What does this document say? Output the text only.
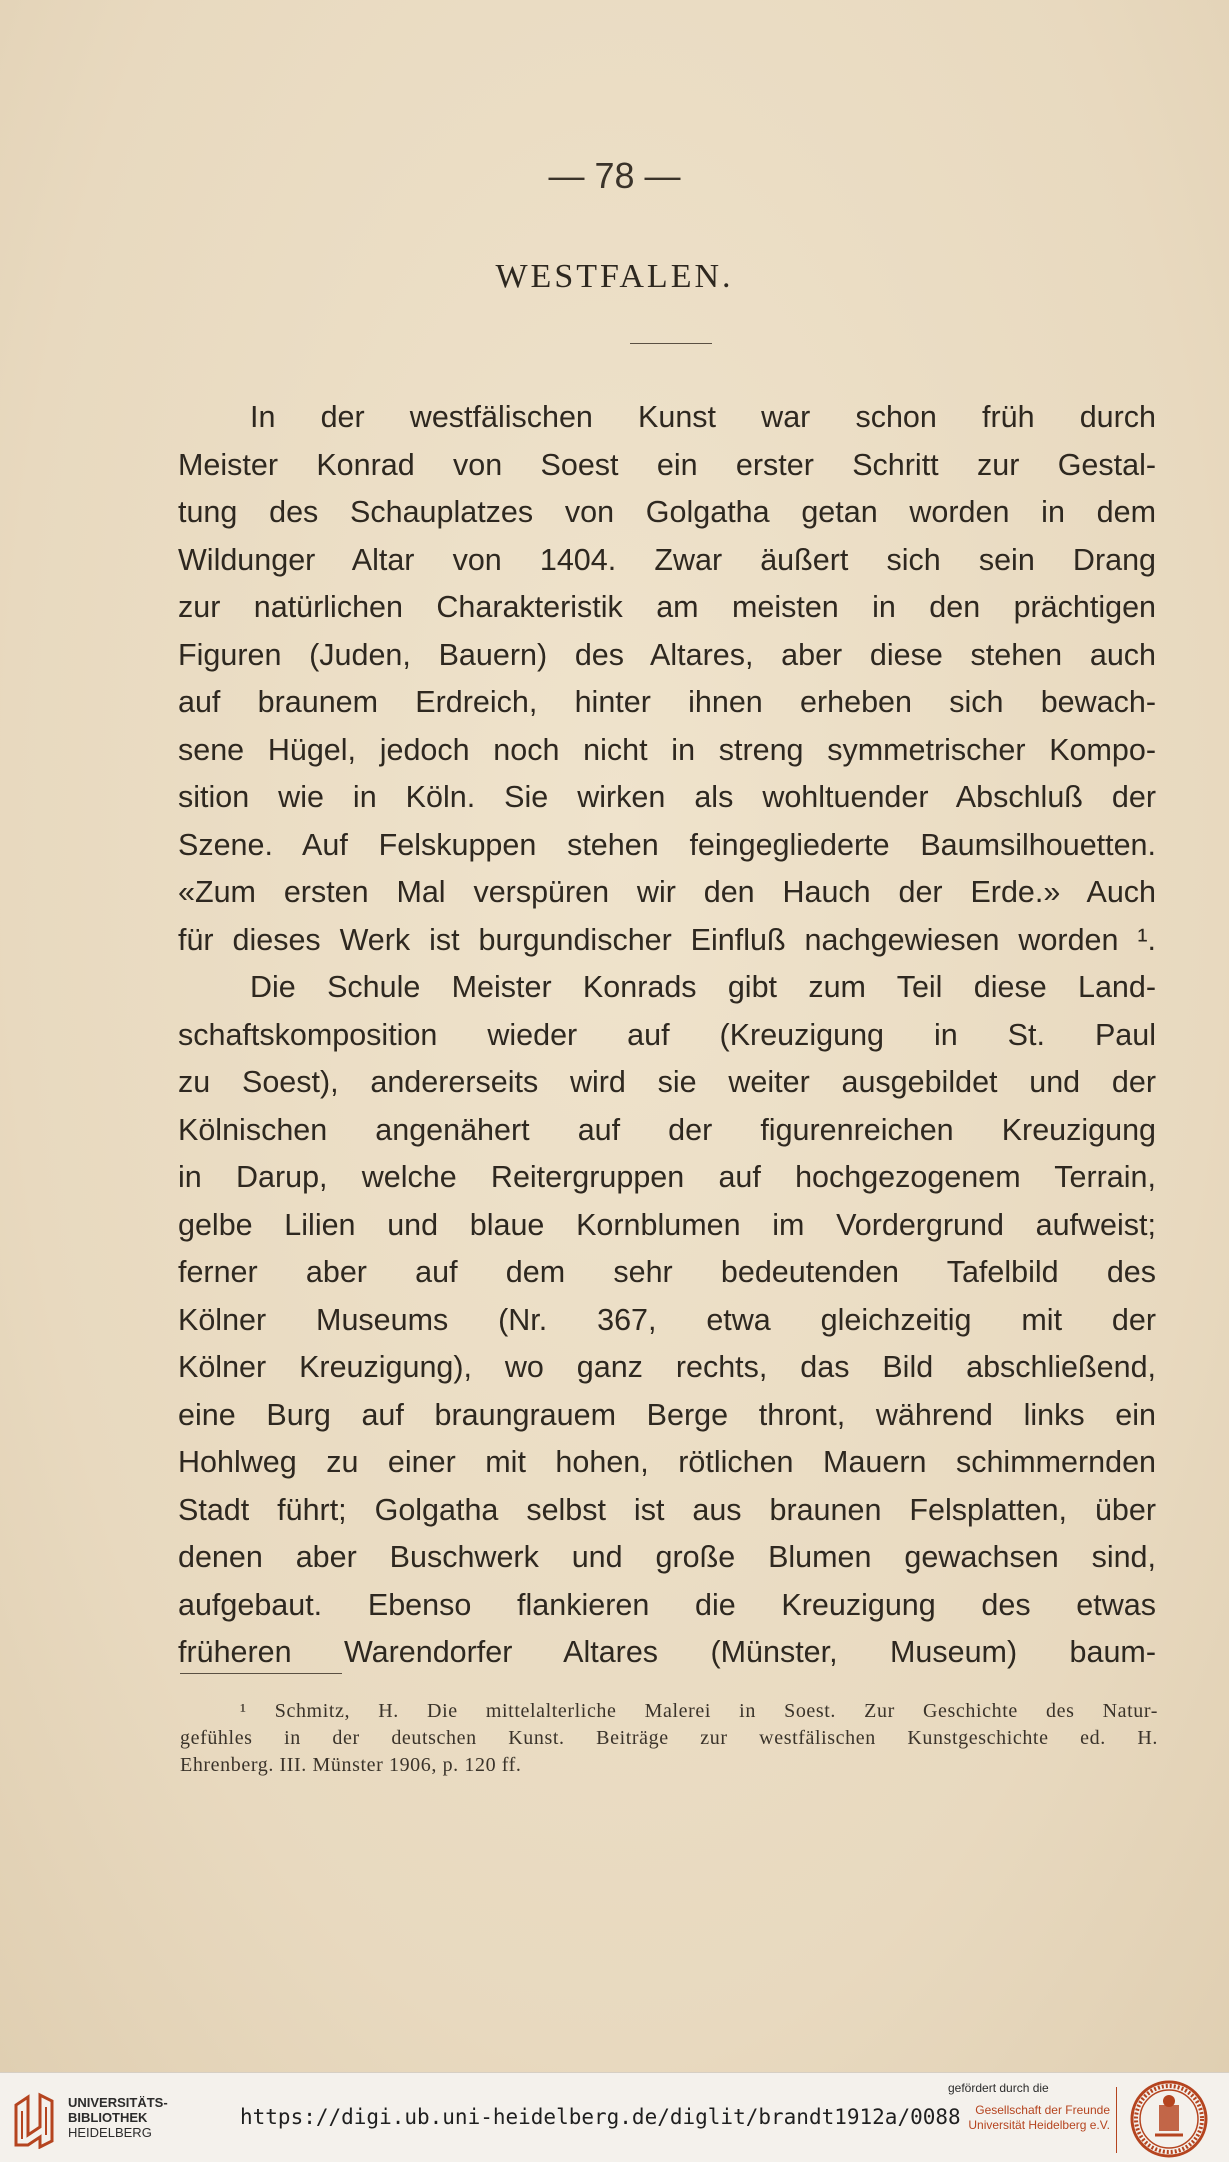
— 78 —
WESTFALEN.
In der westfälischen Kunst war schon früh durch
Meister Konrad von Soest ein erster Schritt zur Gestal-
tung des Schauplatzes von Golgatha getan worden in dem
Wildunger Altar von 1404. Zwar äußert sich sein Drang
zur natürlichen Charakteristik am meisten in den prächtigen
Figuren (Juden, Bauern) des Altares, aber diese stehen auch
auf braunem Erdreich, hinter ihnen erheben sich bewach-
sene Hügel, jedoch noch nicht in streng symmetrischer Kompo-
sition wie in Köln. Sie wirken als wohltuender Abschluß der
Szene. Auf Felskuppen stehen feingegliederte Baumsilhouetten.
«Zum ersten Mal verspüren wir den Hauch der Erde.» Auch
für dieses Werk ist burgundischer Einfluß nachgewiesen worden ¹.
Die Schule Meister Konrads gibt zum Teil diese Land-
schaftskomposition wieder auf (Kreuzigung in St. Paul
zu Soest), andererseits wird sie weiter ausgebildet und der
Kölnischen angenähert auf der figurenreichen Kreuzigung
in Darup, welche Reitergruppen auf hochgezogenem Terrain,
gelbe Lilien und blaue Kornblumen im Vordergrund aufweist;
ferner aber auf dem sehr bedeutenden Tafelbild des
Kölner Museums (Nr. 367, etwa gleichzeitig mit der
Kölner Kreuzigung), wo ganz rechts, das Bild abschließend,
eine Burg auf braungrauem Berge thront, während links ein
Hohlweg zu einer mit hohen, rötlichen Mauern schimmernden
Stadt führt; Golgatha selbst ist aus braunen Felsplatten, über
denen aber Buschwerk und große Blumen gewachsen sind,
aufgebaut. Ebenso flankieren die Kreuzigung des etwas
früheren Warendorfer Altares (Münster, Museum) baum-
¹ Schmitz, H. Die mittelalterliche Malerei in Soest. Zur Geschichte des Natur-
gefühles in der deutschen Kunst. Beiträge zur westfälischen Kunstgeschichte ed. H.
Ehrenberg. III. Münster 1906, p. 120 ff.
UNIVERSITÄTS-
BIBLIOTHEK
HEIDELBERG
https://digi.ub.uni-heidelberg.de/diglit/brandt1912a/0088
gefördert durch die
Gesellschaft der Freunde
Universität Heidelberg e.V.
